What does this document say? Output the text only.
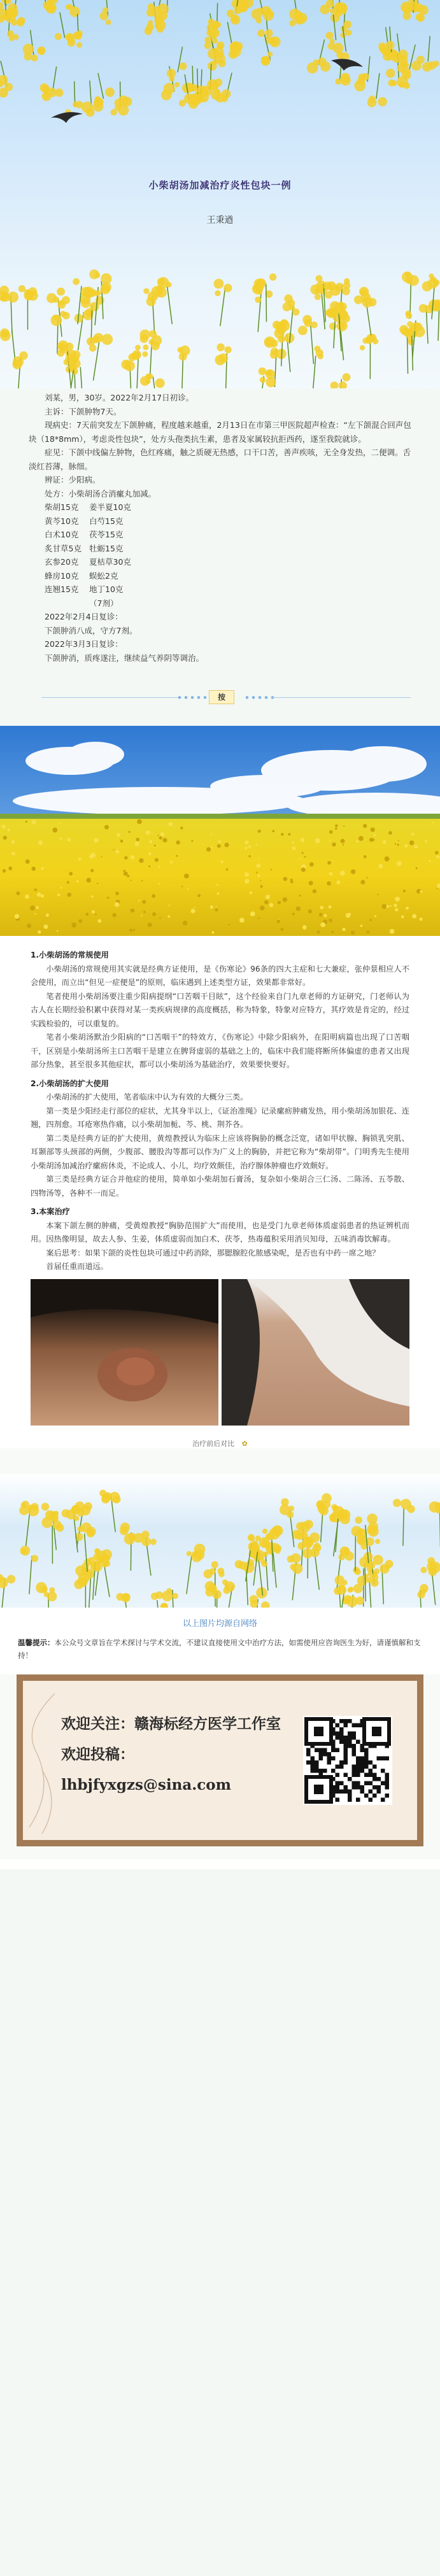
小柴胡汤加减治疗炎性包块一例
王秉遒

刘某，男，30岁。2022年2月17日初诊。

主诉：下颌肿物7天。

现病史：7天前突发左下颌肿痛，程度越来越重，2月13日在市第三甲医院超声检查：“左下颌混合回声包块（18*8mm），考虑炎性包块”，处方头孢类抗生素，患者及家属较抗拒西药，遂至我院就诊。

症见：下颌中线偏左肿物，色红疼痛，触之质硬无热感，口干口苦，善声疾咳，无全身发热，二便调。舌淡红苔薄，脉细。

辨证：少阳病。

处方：小柴胡汤合消瘰丸加减。

柴胡15克	姜半夏10克

黄芩10克	白芍15克

白术10克	茯苓15克

炙甘草5克 牡蛎15克

玄参20克	夏枯草30克

蜂房10克	蜈蚣2克

连翘15克	地丁10克（7剂）

2022年2月4日复诊：

下颌肿消八成，守方7剂。

2022年3月3日复诊：

下颌肿消，质疼遂注，继续益气养阴等调治。

按

1.小柴胡汤的常规使用

小柴胡汤的常规使用其实就是经典方证使用，是《伤寒论》96条的四大主症和七大兼症，张仲景相应人不会使用，而立出“但见一症便是”的原则，临床遇到上述类型方证，效果都非常好。

笔者使用小柴胡汤要注重少阳病提纲“口苦咽干目眩”，这个经验来自门九章老师的方证研究，门老师认为古人在长期经验积累中获得对某一类疾病规律的高度概括，称为特象，特象对应特方，其疗效是肯定的，经过实践检验的，可以重复的。

笔者小柴胡汤默治少阳病的“口苦咽干”的特效方，《伤寒论》中除少阳病外，在阳明病篇也出现了口苦咽干，区别是小柴胡汤所主口苦咽干是建立在脾肾虚弱的基础之上的，临床中我们能将断所体偏虚的患者又出现部分热象，甚至很多其他症状，都可以小柴胡汤为基础治疗，效果要快要好。

2.小柴胡汤的扩大使用

小柴胡汤的扩大使用，笔者临床中认为有效的大概分三类。

第一类是少阳经走行部位的症状，尤其身半以上，《证治准绳》记录瘰疬肿痛发热，用小柴胡汤加银花、连翘，四剂愈。耳疮寒热作痛，以小柴胡加栀、芩、桃、荆芥各。

第二类是经典方证的扩大使用，黄煌教授认为临床上应该将胸胁的概念泛宽，诸如甲状腺、胸锁乳突肌、耳颞部等头颈部的两侧，少腹部、腰股沟等都可以作为广义上的胸胁，并把它称为“柴胡带”。门明秀先生使用小柴胡汤加减治疗瘰疬休炎，不论成人、小儿，均疗效颇佳，治疗腺体肿瘤也疗效颇好。

第三类是经典方证合并他症的使用，简单如小柴胡加石膏汤，复杂如小柴胡合三仁汤、二陈汤、五苓散、四物汤等，各种不一而足。

3.本案治疗

本案下颌左侧的肿痛，受黄煌教授“胸胁范围扩大”而使用，也是受门九章老师体质虚弱患者的热证辨机而用。因热像明显，故去人参、生姜，体质虚弱而加白术、茯苓，热毒蕴积采用消贝知母，五味消毒饮解毒。

案后思考：如果下颌的炎性包块可通过中药消除，那腮腺腔化脓感染呢，是否也有中药一席之地？

首届任重而道远。

治疗前后对比 ✿
以上图片均源自网络
温馨提示：本公众号文章旨在学术探讨与学术交流，不建议直接使用文中治疗方法，如需使用应咨询医生为好，请谨慎解和支持！
欢迎关注：赣海标经方医学工作室
欢迎投稿：
lhbjfyxgzs@sina.com
